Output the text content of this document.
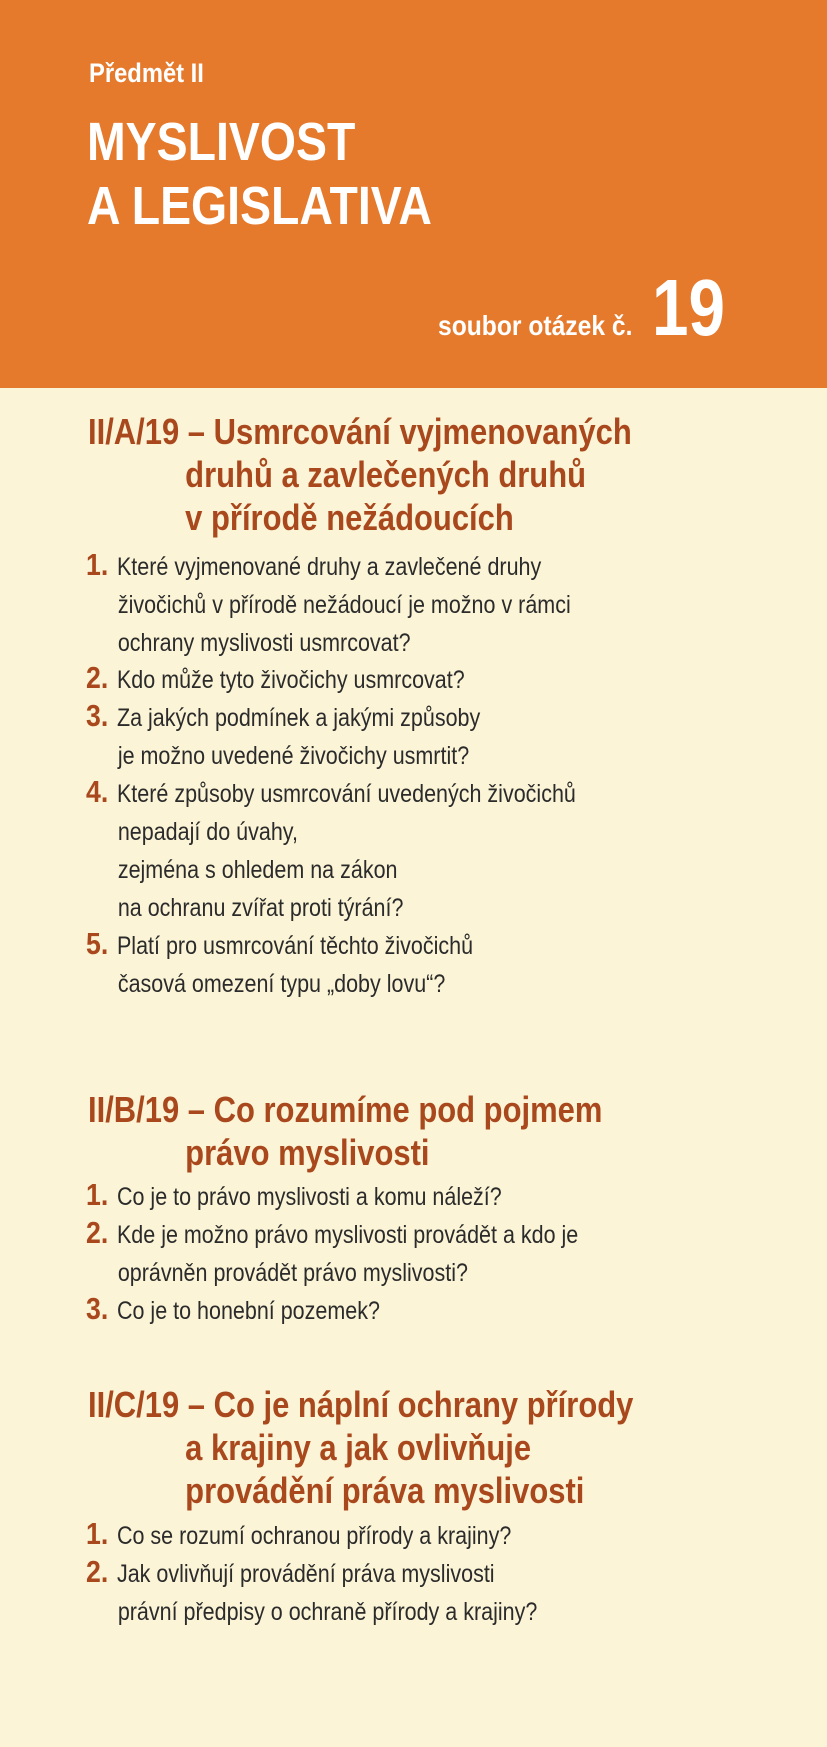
Předmět II
MYSLIVOST
A LEGISLATIVA
soubor otázek č. 19
II/A/19 – Usmrcování vyjmenovaných
druhů a zavlečených druhů
v přírodě nežádoucích
1. Které vyjmenované druhy a zavlečené druhy
živočichů v přírodě nežádoucí je možno v rámci
ochrany myslivosti usmrcovat?
2. Kdo může tyto živočichy usmrcovat?
3. Za jakých podmínek a jakými způsoby
je možno uvedené živočichy usmrtit?
4. Které způsoby usmrcování uvedených živočichů
nepadají do úvahy,
zejména s ohledem na zákon
na ochranu zvířat proti týrání?
5. Platí pro usmrcování těchto živočichů
časová omezení typu „doby lovu“?
II/B/19 – Co rozumíme pod pojmem
právo myslivosti
1. Co je to právo myslivosti a komu náleží?
2. Kde je možno právo myslivosti provádět a kdo je
oprávněn provádět právo myslivosti?
3. Co je to honební pozemek?
II/C/19 – Co je náplní ochrany přírody
a krajiny a jak ovlivňuje
provádění práva myslivosti
1. Co se rozumí ochranou přírody a krajiny?
2. Jak ovlivňují provádění práva myslivosti
právní předpisy o ochraně přírody a krajiny?
